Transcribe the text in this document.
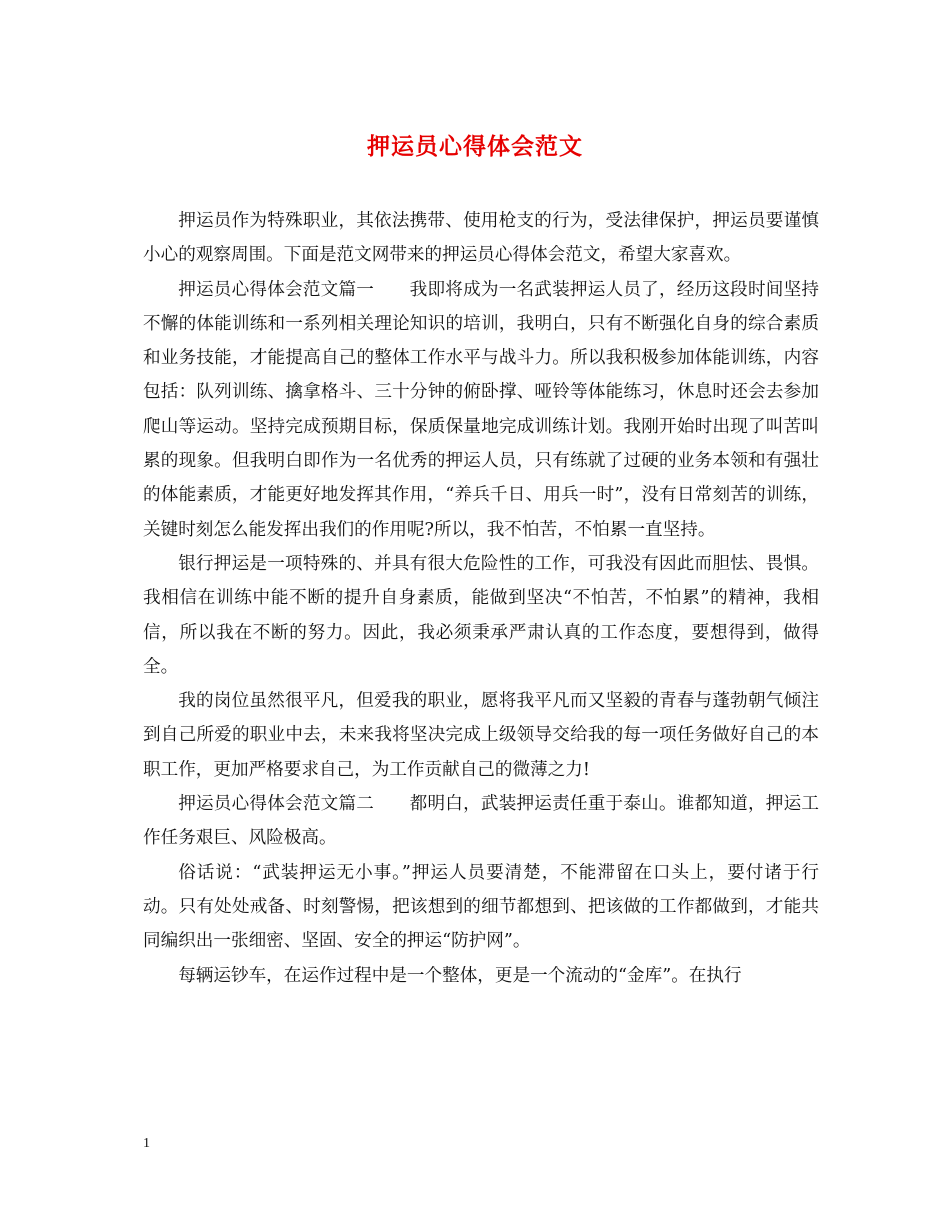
押运员心得体会范文

押运员作为特殊职业，其依法携带、使用枪支的行为，受法律保护，押运员要谨慎小心的观察周围。下面是范文网带来的押运员心得体会范文，希望大家喜欢。

押运员心得体会范文篇一　　我即将成为一名武装押运人员了，经历这段时间坚持不懈的体能训练和一系列相关理论知识的培训，我明白，只有不断强化自身的综合素质和业务技能，才能提高自己的整体工作水平与战斗力。所以我积极参加体能训练，内容包括：队列训练、擒拿格斗、三十分钟的俯卧撑、哑铃等体能练习，休息时还会去参加爬山等运动。坚持完成预期目标，保质保量地完成训练计划。我刚开始时出现了叫苦叫累的现象。但我明白即作为一名优秀的押运人员，只有练就了过硬的业务本领和有强壮的体能素质，才能更好地发挥其作用，“养兵千日、用兵一时”，没有日常刻苦的训练，关键时刻怎么能发挥出我们的作用呢?所以，我不怕苦，不怕累一直坚持。

银行押运是一项特殊的、并具有很大危险性的工作，可我没有因此而胆怯、畏惧。我相信在训练中能不断的提升自身素质，能做到坚决“不怕苦，不怕累”的精神，我相信，所以我在不断的努力。因此，我必须秉承严肃认真的工作态度，要想得到，做得全。

我的岗位虽然很平凡，但爱我的职业，愿将我平凡而又坚毅的青春与蓬勃朝气倾注到自己所爱的职业中去，未来我将坚决完成上级领导交给我的每一项任务做好自己的本职工作，更加严格要求自己，为工作贡献自己的微薄之力!

押运员心得体会范文篇二　　都明白，武装押运责任重于泰山。谁都知道，押运工作任务艰巨、风险极高。

俗话说：“武装押运无小事。”押运人员要清楚，不能滞留在口头上，要付诸于行动。只有处处戒备、时刻警惕，把该想到的细节都想到、把该做的工作都做到，才能共同编织出一张细密、坚固、安全的押运“防护网”。

每辆运钞车，在运作过程中是一个整体，更是一个流动的“金库”。在执行

1
